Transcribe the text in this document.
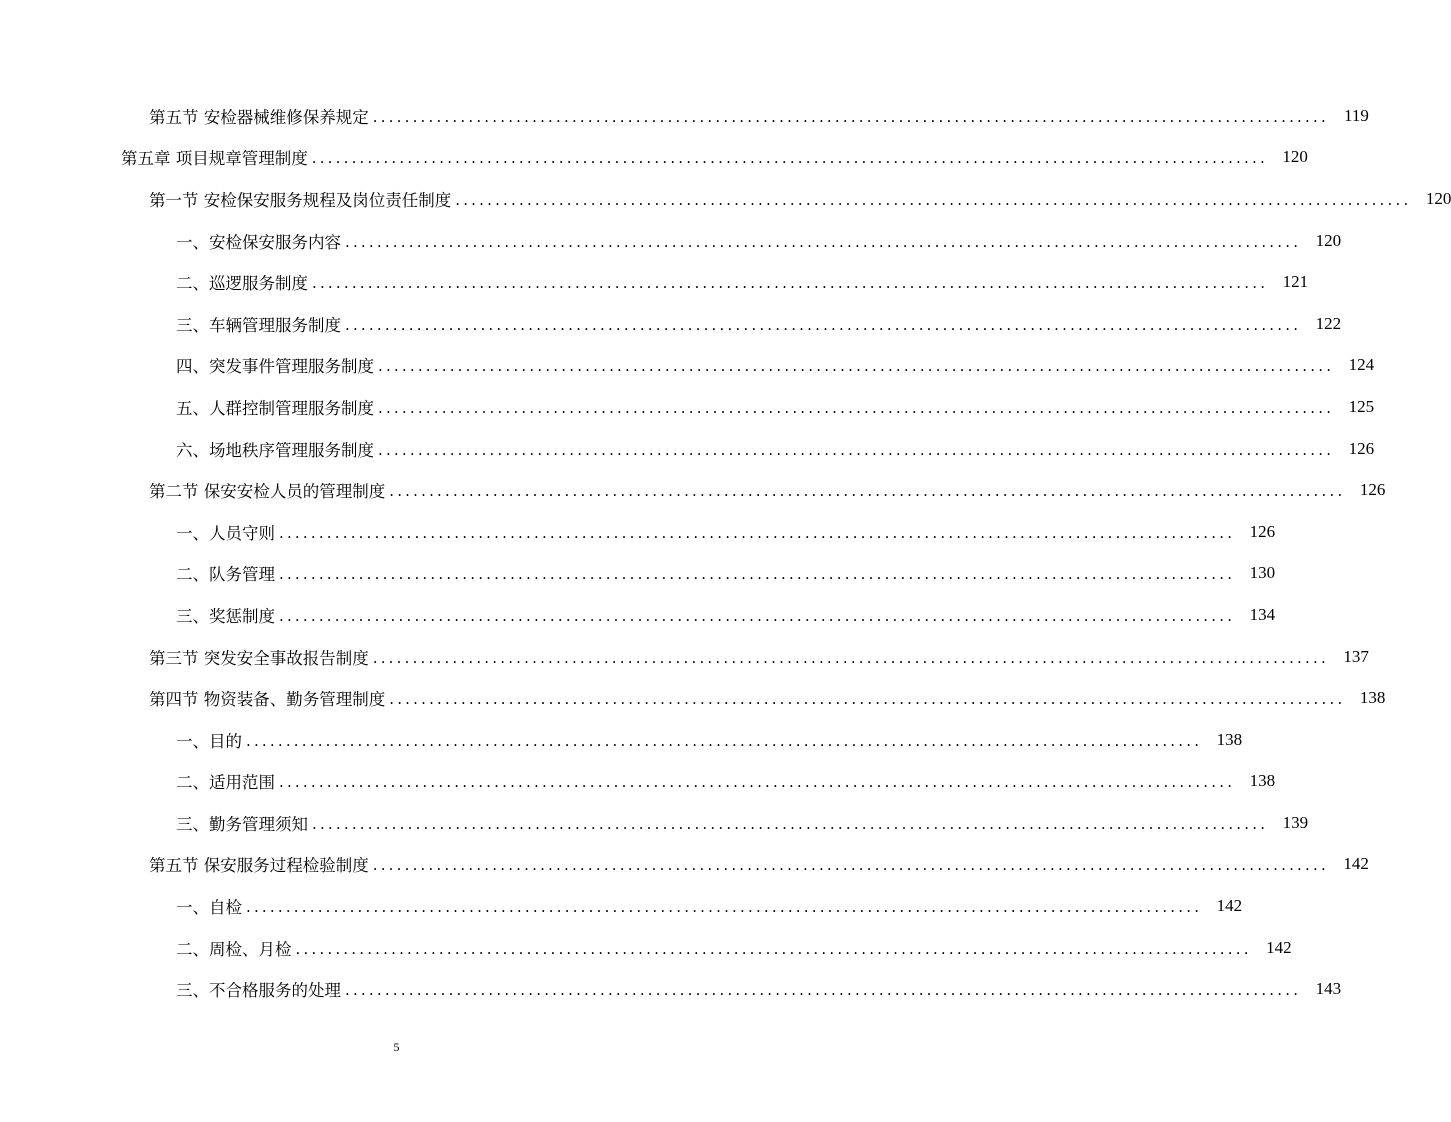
第五节 安检器械维修保养规定 ........................................................................................................................ 119
第五章 项目规章管理制度 ........................................................................................................................ 120
第一节 安检保安服务规程及岗位责任制度 ........................................................................................................................ 120
一、安检保安服务内容 ........................................................................................................................ 120
二、巡逻服务制度 ........................................................................................................................ 121
三、车辆管理服务制度 ........................................................................................................................ 122
四、突发事件管理服务制度 ........................................................................................................................ 124
五、人群控制管理服务制度 ........................................................................................................................ 125
六、场地秩序管理服务制度 ........................................................................................................................ 126
第二节 保安安检人员的管理制度 ........................................................................................................................ 126
一、人员守则 ........................................................................................................................ 126
二、队务管理 ........................................................................................................................ 130
三、奖惩制度 ........................................................................................................................ 134
第三节 突发安全事故报告制度 ........................................................................................................................ 137
第四节 物资装备、勤务管理制度 ........................................................................................................................ 138
一、目的 ........................................................................................................................ 138
二、适用范围 ........................................................................................................................ 138
三、勤务管理须知 ........................................................................................................................ 139
第五节 保安服务过程检验制度 ........................................................................................................................ 142
一、自检 ........................................................................................................................ 142
二、周检、月检 ........................................................................................................................ 142
三、不合格服务的处理 ........................................................................................................................ 143
5
